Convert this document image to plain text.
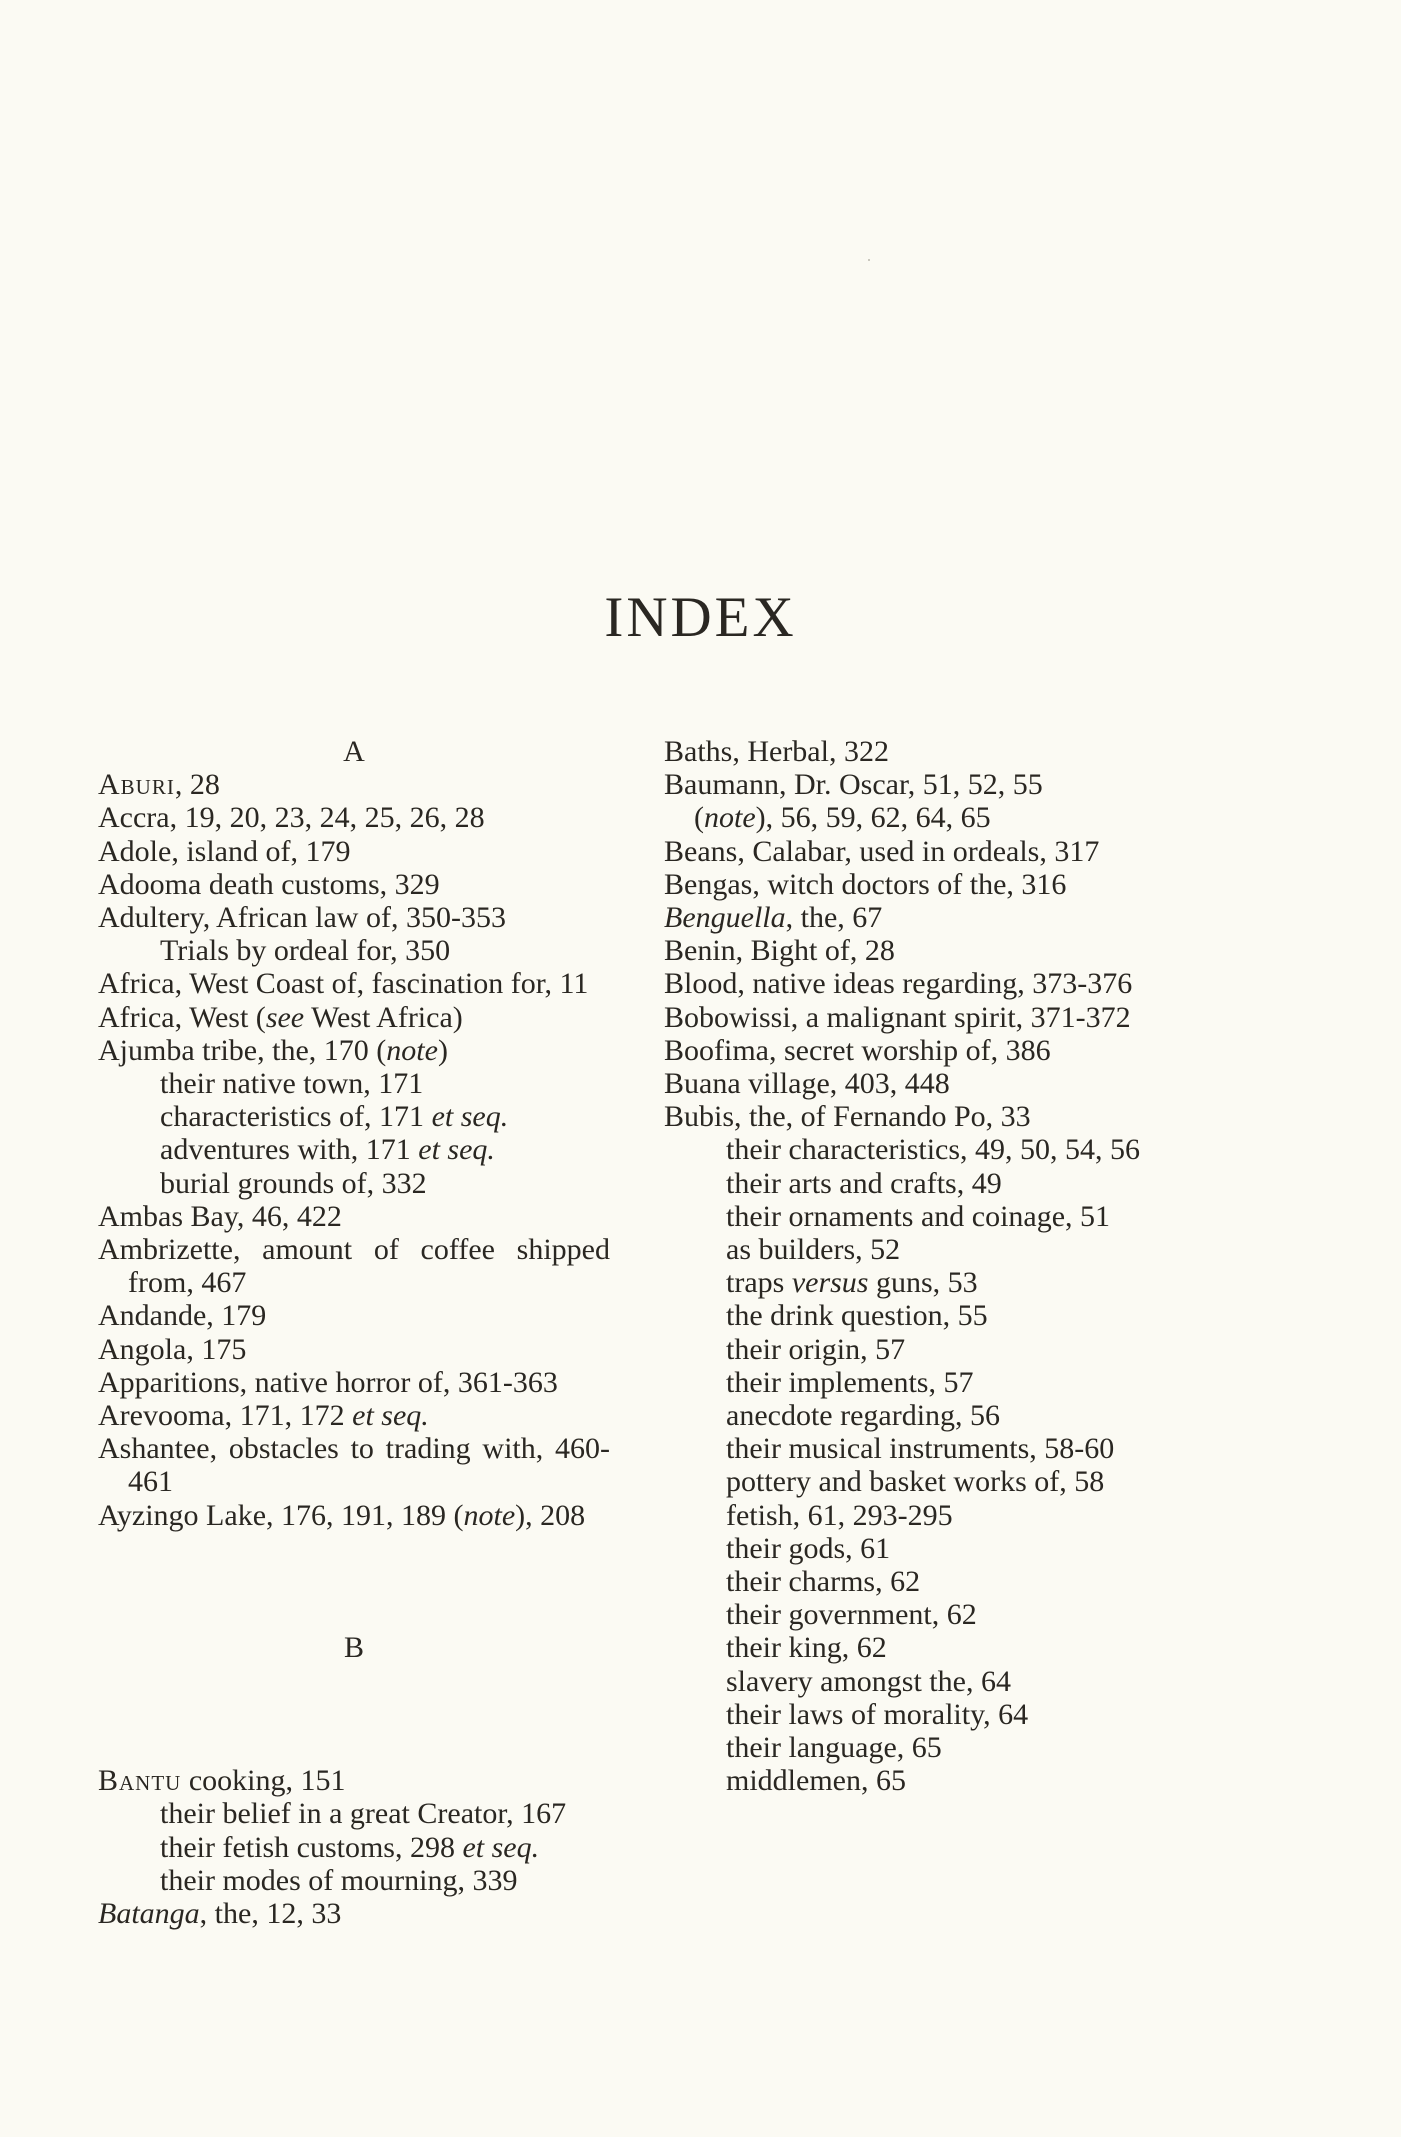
INDEX

A

Aburi, 28
Accra, 19, 20, 23, 24, 25, 26, 28
Adole, island of, 179
Adooma death customs, 329
Adultery, African law of, 350-353
Trials by ordeal for, 350
Africa, West Coast of, fascination for, 11
Africa, West (see West Africa)
Ajumba tribe, the, 170 (note)
their native town, 171
characteristics of, 171 et seq.
adventures with, 171 et seq.
burial grounds of, 332
Ambas Bay, 46, 422
Ambrizette, amount of coffee shipped from, 467
Andande, 179
Angola, 175
Apparitions, native horror of, 361-363
Arevooma, 171, 172 et seq.
Ashantee, obstacles to trading with, 460-461
Ayzingo Lake, 176, 191, 189 (note), 208

B

Bantu cooking, 151
their belief in a great Creator, 167
their fetish customs, 298 et seq.
their modes of mourning, 339
Batanga, the, 12, 33
Baths, Herbal, 322
Baumann, Dr. Oscar, 51, 52, 55
(note), 56, 59, 62, 64, 65
Beans, Calabar, used in ordeals, 317
Bengas, witch doctors of the, 316
Benguella, the, 67
Benin, Bight of, 28
Blood, native ideas regarding, 373-376
Bobowissi, a malignant spirit, 371-372
Boofima, secret worship of, 386
Buana village, 403, 448
Bubis, the, of Fernando Po, 33
their characteristics, 49, 50, 54, 56
their arts and crafts, 49
their ornaments and coinage, 51
as builders, 52
traps versus guns, 53
the drink question, 55
their origin, 57
their implements, 57
anecdote regarding, 56
their musical instruments, 58-60
pottery and basket works of, 58
fetish, 61, 293-295
their gods, 61
their charms, 62
their government, 62
their king, 62
slavery amongst the, 64
their laws of morality, 64
their language, 65
middlemen, 65
